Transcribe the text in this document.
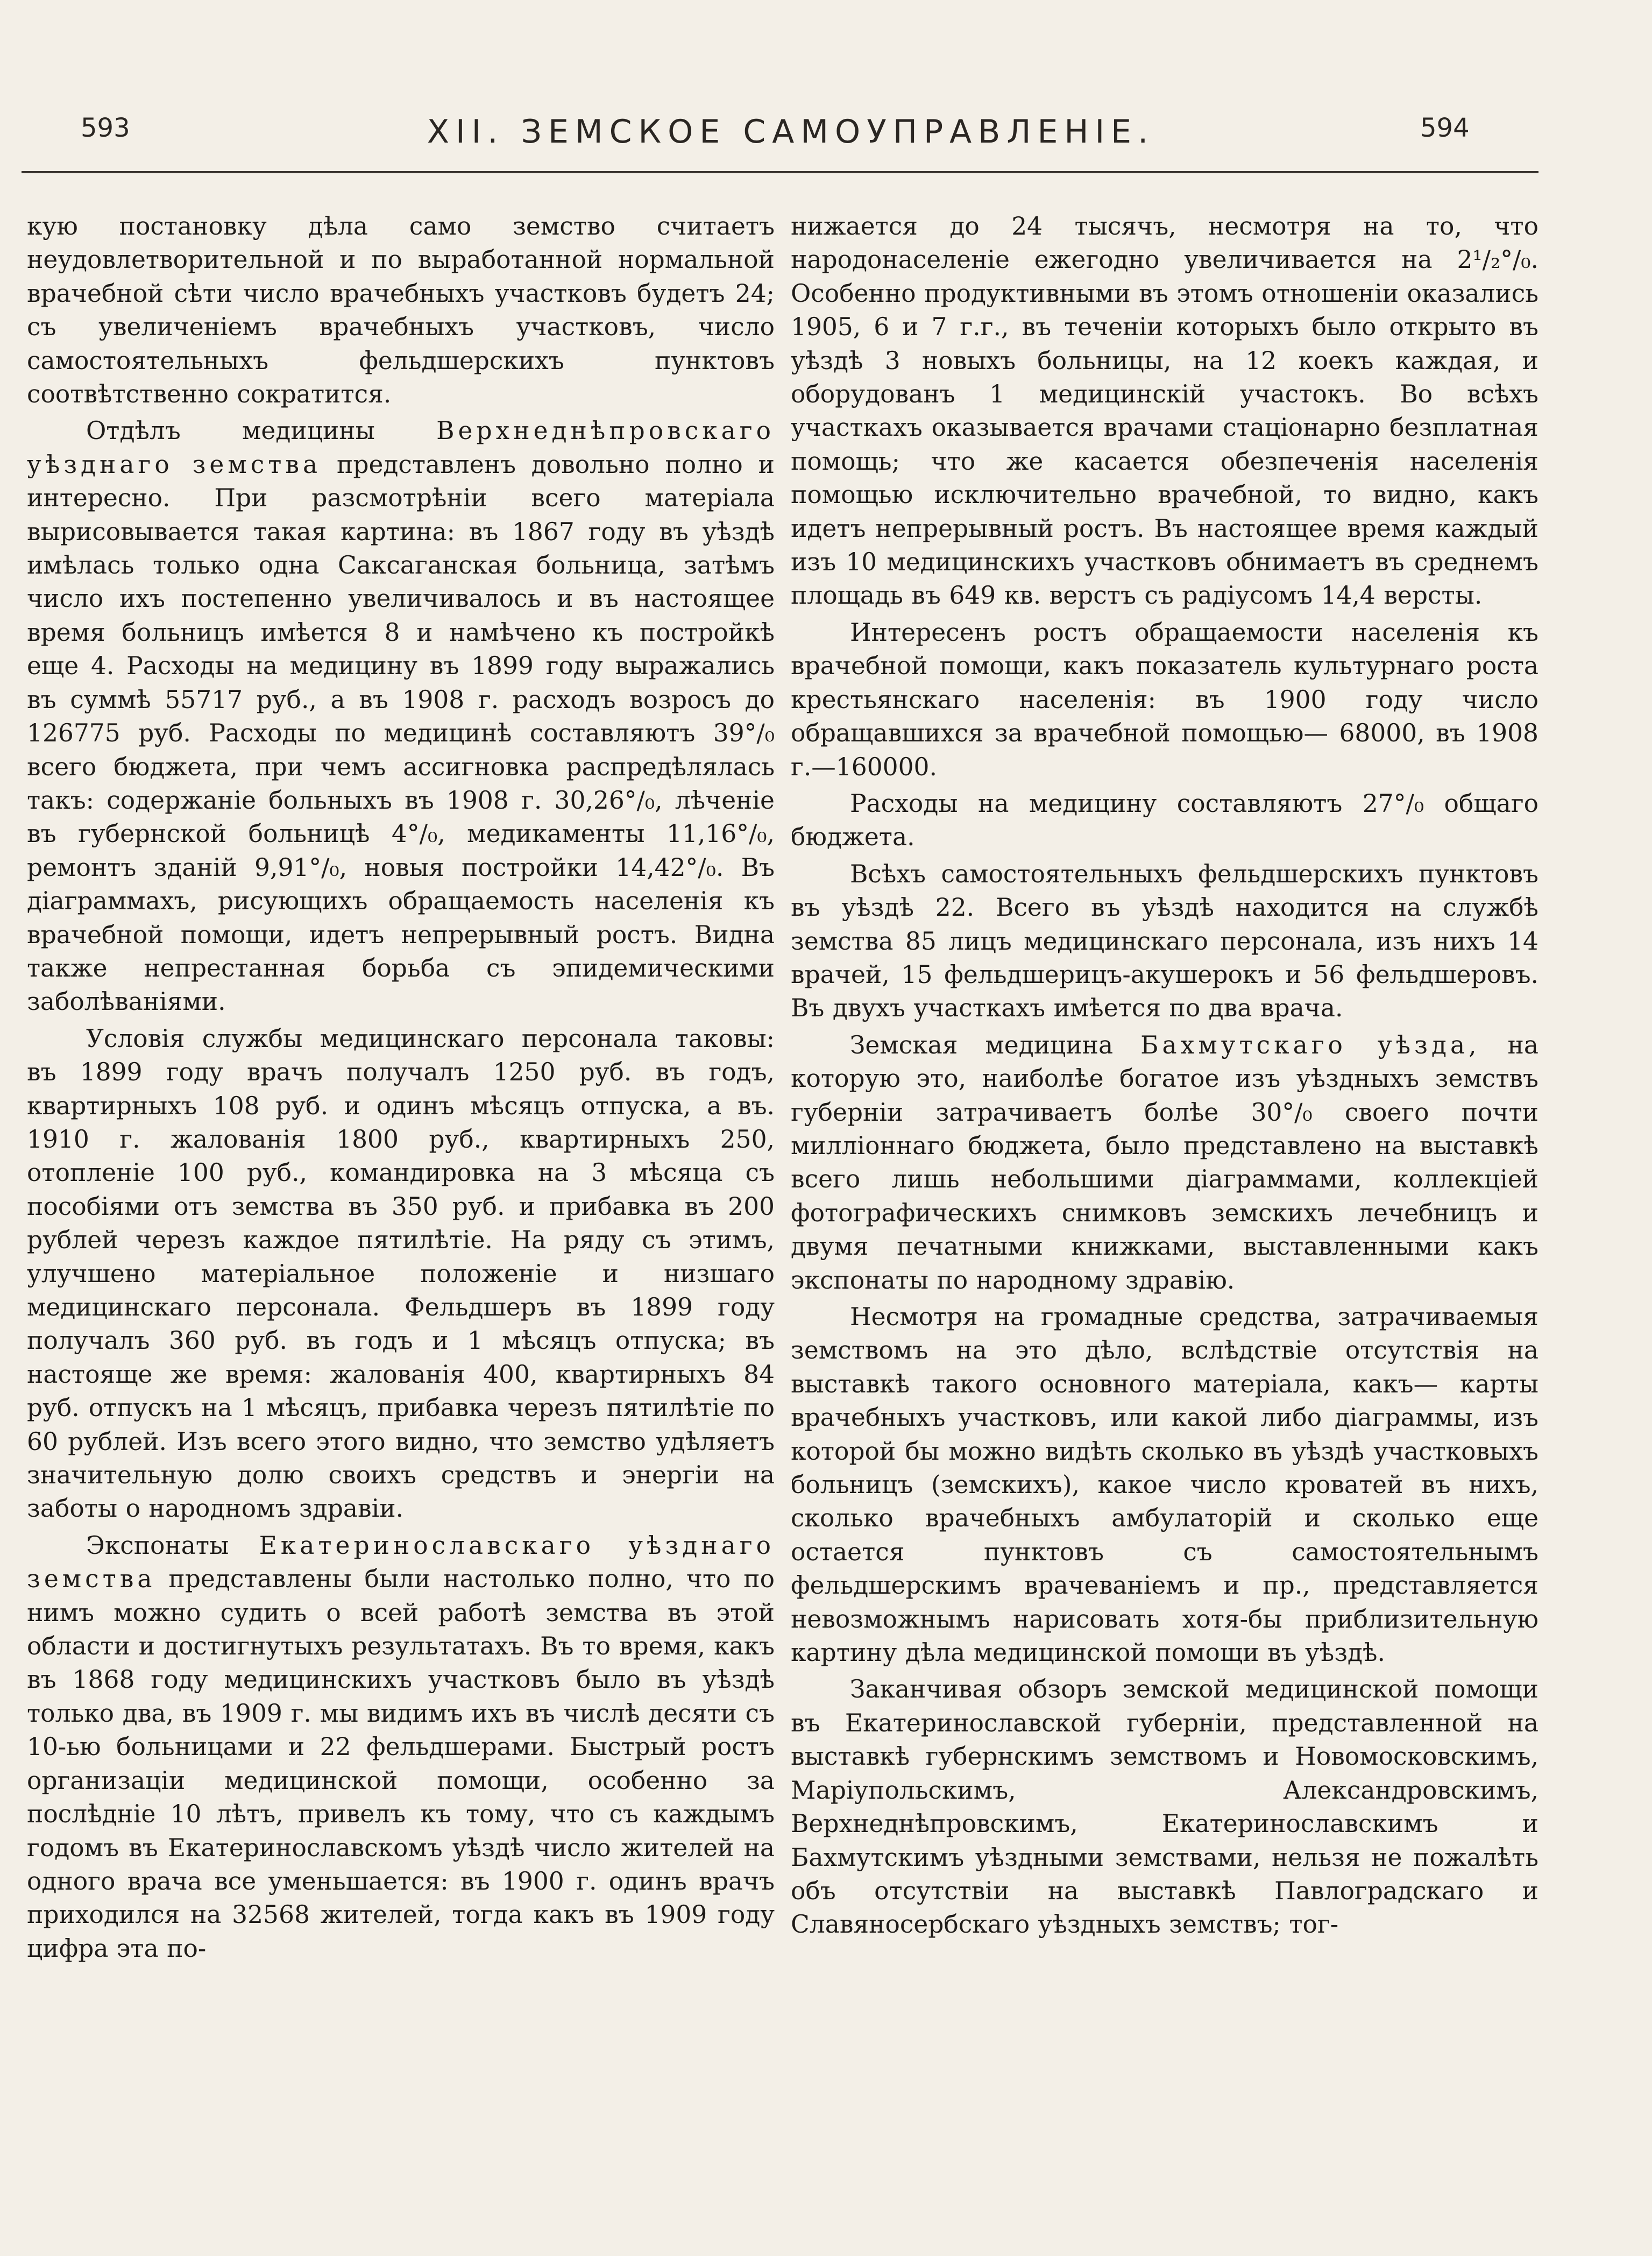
593	XII. ЗЕМСКОЕ САМОУПРАВЛЕНІЕ.	594

кую постановку дѣла само земство считаетъ неудовлетворительной и по выработанной нормальной врачебной сѣти число врачебныхъ участковъ будетъ 24; съ увеличеніемъ врачебныхъ участковъ, число самостоятельныхъ фельдшерскихъ пунктовъ соотвѣтственно сократится.

Отдѣлъ медицины	Верхнеднѣпровскаго уѣзднаго земства представленъ довольно полно и интересно. При разсмотрѣніи всего матеріала вырисовывается такая картина: въ 1867 году въ уѣздѣ имѣлась только одна Саксаганская больница, затѣмъ число ихъ постепенно увеличивалось и въ настоящее время больницъ имѣется 8 и намѣчено къ постройкѣ еще 4. Расходы на медицину въ 1899 году выражались въ суммѣ 55717 руб., а въ 1908 г. расходъ возросъ до 126775 руб. Расходы по медицинѣ составляютъ 39°/₀ всего бюджета, при чемъ ассигновка распредѣлялась такъ: содержаніе больныхъ въ 1908 г. 30,26°/₀, лѣченіе въ губернской больницѣ 4°/₀, медикаменты 11,16°/₀, ремонтъ зданій 9,91°/₀, новыя постройки 14,42°/₀. Въ діаграммахъ, рисующихъ обращаемость населенія къ врачебной помощи, идетъ непрерывный ростъ. Видна также непрестанная борьба съ эпидемическими заболѣваніями.

Условія службы медицинскаго персонала таковы: въ 1899 году врачъ получалъ 1250 руб. въ годъ, квартирныхъ 108 руб. и одинъ мѣсяцъ отпуска, а въ. 1910 г. жалованія 1800 руб., квартирныхъ 250, отопленіе 100 руб., командировка на 3 мѣсяца съ пособіями отъ земства въ 350 руб. и прибавка въ 200 рублей черезъ каждое пятилѣтіе. На ряду съ этимъ, улучшено матеріальное положеніе и низшаго медицинскаго персонала. Фельдшеръ въ 1899 году получалъ 360 руб. въ годъ и 1 мѣсяцъ отпуска; въ настояще же время: жалованія 400, квартирныхъ 84 руб. отпускъ на 1 мѣсяцъ, прибавка черезъ пятилѣтіе по 60 рублей. Изъ всего этого видно, что земство удѣляетъ значительную долю своихъ средствъ и энергіи на заботы о народномъ здравіи.

Экспонаты Екатеринославскаго уѣзднаго земства представлены были настолько полно, что по нимъ можно судить о всей работѣ земства въ этой области и достигнутыхъ результатахъ. Въ то время, какъ въ 1868 году медицинскихъ участковъ было въ уѣздѣ только два, въ 1909 г. мы видимъ ихъ въ числѣ десяти съ 10-ью больницами и 22 фельдшерами. Быстрый ростъ организаціи медицинской помощи, особенно за послѣдніе 10 лѣтъ, привелъ къ тому, что съ каждымъ годомъ въ Екатеринославскомъ уѣздѣ число жителей на одного врача все уменьшается: въ 1900 г. одинъ врачъ приходился на 32568 жителей, тогда какъ въ 1909 году цифра эта по-

нижается до 24 тысячъ, несмотря на то, что народонаселеніе ежегодно увеличивается на 2¹/₂°/₀. Особенно продуктивными въ этомъ отношеніи оказались 1905, 6 и 7 г.г., въ теченіи которыхъ было открыто въ уѣздѣ 3 новыхъ больницы, на 12 коекъ каждая, и оборудованъ 1 медицинскій участокъ. Во всѣхъ участкахъ оказывается врачами стаціонарно безплатная помощь; что же касается обезпеченія населенія помощью исключительно врачебной, то видно, какъ идетъ непрерывный ростъ. Въ настоящее время каждый изъ 10 медицинскихъ участковъ обнимаетъ въ среднемъ площадь въ 649 кв. верстъ съ радіусомъ 14,4 версты.

Интересенъ ростъ обращаемости населенія къ врачебной помощи, какъ показатель культурнаго роста крестьянскаго населенія: въ 1900 году число обращавшихся за врачебной помощью— 68000, въ 1908 г.—160000.

Расходы на медицину составляютъ 27°/₀ общаго бюджета.

Всѣхъ самостоятельныхъ фельдшерскихъ пунктовъ въ уѣздѣ 22. Всего въ уѣздѣ находится на службѣ земства 85 лицъ медицинскаго персонала, изъ нихъ 14 врачей, 15 фельдшерицъ-акушерокъ и 56 фельдшеровъ. Въ двухъ участкахъ имѣется по два врача.

Земская медицина Бахмутскаго уѣзда, на которую это, наиболѣе богатое изъ уѣздныхъ земствъ губерніи затрачиваетъ болѣе 30°/₀ своего почти милліоннаго бюджета, было представлено на выставкѣ всего лишь небольшими діаграммами, коллекціей фотографическихъ снимковъ земскихъ лечебницъ и двумя печатными книжками, выставленными какъ экспонаты по народному здравію.

Несмотря на громадные средства, затрачиваемыя земствомъ на это дѣло, вслѣдствіе отсутствія на выставкѣ такого основного матеріала, какъ— карты врачебныхъ участковъ, или какой либо діаграммы, изъ которой бы можно видѣть сколько въ уѣздѣ участковыхъ больницъ (земскихъ), какое число кроватей въ нихъ, сколько врачебныхъ амбулаторій и сколько еще остается пунктовъ съ самостоятельнымъ фельдшерскимъ врачеваніемъ и пр., представляется невозможнымъ нарисовать хотя-бы приблизительную картину дѣла медицинской помощи въ уѣздѣ.

Заканчивая обзоръ земской медицинской помощи въ Екатеринославской губерніи, представленной на выставкѣ губернскимъ земствомъ и Новомосковскимъ, Маріупольскимъ, Александровскимъ, Верхнеднѣпровскимъ, Екатеринославскимъ и Бахмутскимъ уѣздными земствами, нельзя не пожалѣть объ отсутствіи на выставкѣ Павлоградскаго и Славяносербскаго уѣздныхъ земствъ; тог-
